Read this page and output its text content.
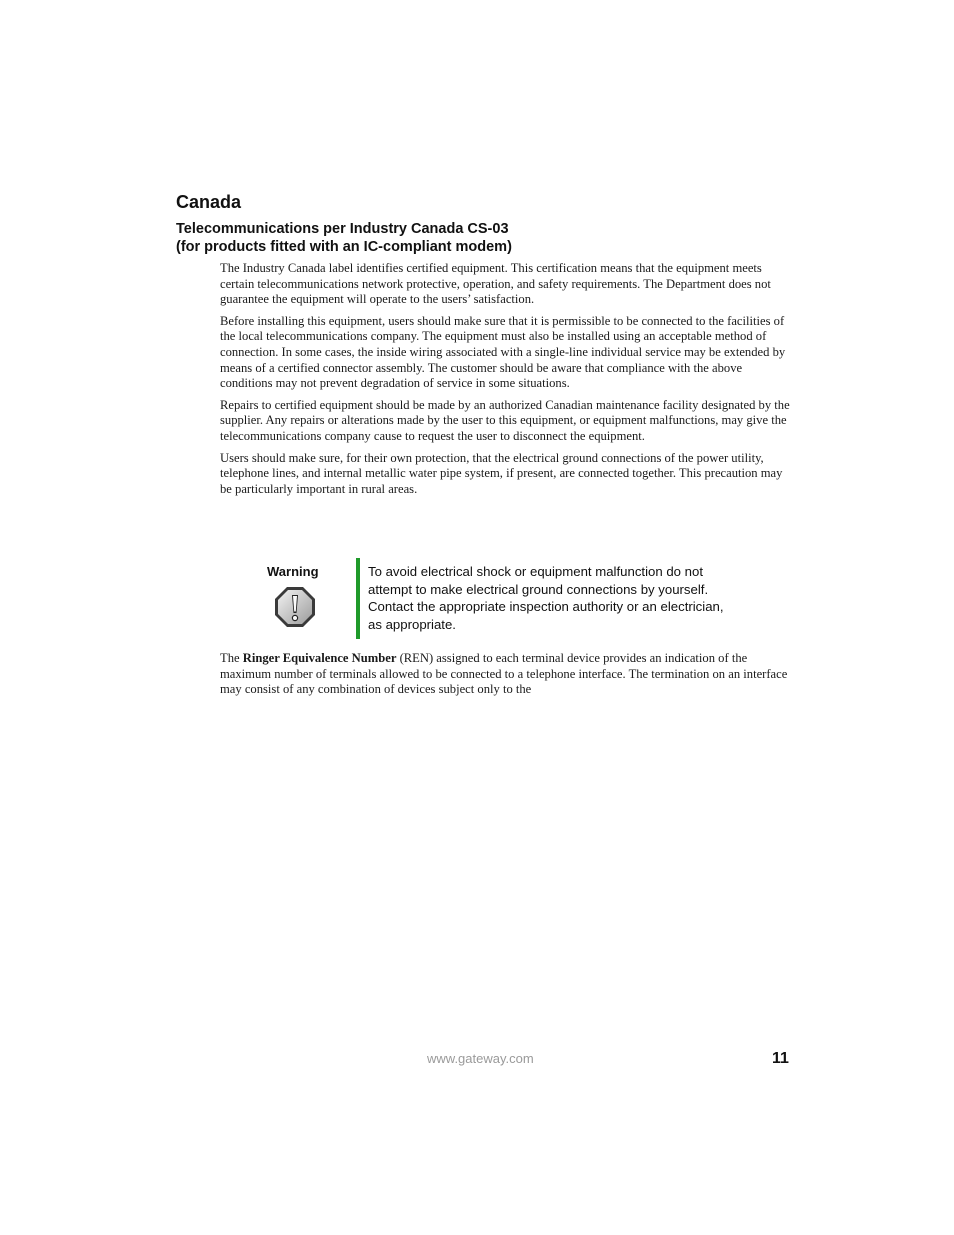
Canada
Telecommunications per Industry Canada CS-03
(for products fitted with an IC-compliant modem)

The Industry Canada label identifies certified equipment. This certification means that the equipment meets certain telecommunications network protective, operation, and safety requirements. The Department does not guarantee the equipment will operate to the users’ satisfaction.

Before installing this equipment, users should make sure that it is permissible to be connected to the facilities of the local telecommunications company. The equipment must also be installed using an acceptable method of connection. In some cases, the inside wiring associated with a single-line individual service may be extended by means of a certified connector assembly. The customer should be aware that compliance with the above conditions may not prevent degradation of service in some situations.

Repairs to certified equipment should be made by an authorized Canadian maintenance facility designated by the supplier. Any repairs or alterations made by the user to this equipment, or equipment malfunctions, may give the telecommunications company cause to request the user to disconnect the equipment.

Users should make sure, for their own protection, that the electrical ground connections of the power utility, telephone lines, and internal metallic water pipe system, if present, are connected together. This precaution may be particularly important in rural areas.

Warning	To avoid electrical shock or equipment malfunction do not attempt to make electrical ground connections by yourself. Contact the appropriate inspection authority or an electrician, as appropriate.

The Ringer Equivalence Number (REN) assigned to each terminal device provides an indication of the maximum number of terminals allowed to be connected to a telephone interface. The termination on an interface may consist of any combination of devices subject only to the

www.gateway.com	11
